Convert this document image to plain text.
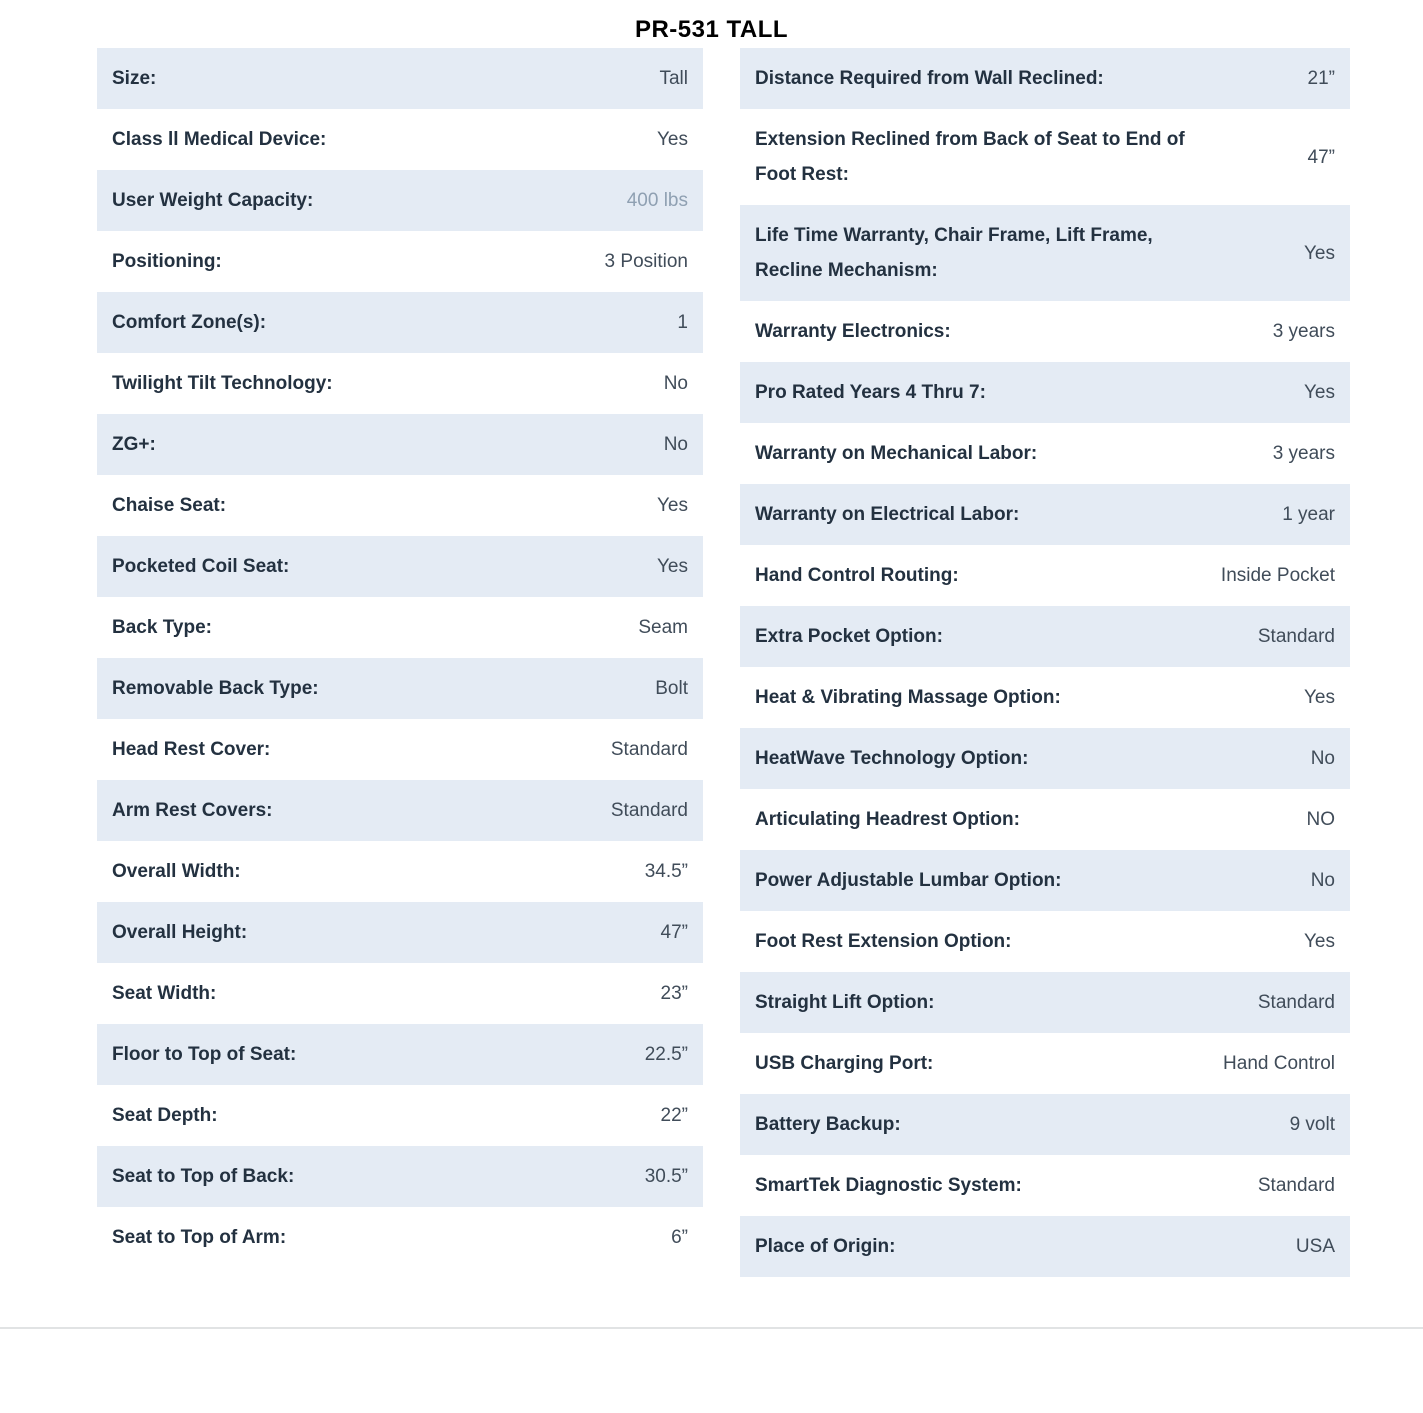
PR-531 TALL
Size:	Tall
Class ll Medical Device:	Yes
User Weight Capacity:	400 lbs
Positioning:	3 Position
Comfort Zone(s):	1
Twilight Tilt Technology:	No
ZG+:	No
Chaise Seat:	Yes
Pocketed Coil Seat:	Yes
Back Type:	Seam
Removable Back Type:	Bolt
Head Rest Cover:	Standard
Arm Rest Covers:	Standard
Overall Width:	34.5”
Overall Height:	47”
Seat Width:	23”
Floor to Top of Seat:	22.5”
Seat Depth:	22”
Seat to Top of Back:	30.5”
Seat to Top of Arm:	6”
Distance Required from Wall Reclined:	21”
Extension Reclined from Back of Seat to End of Foot Rest:
47”
Life Time Warranty, Chair Frame, Lift Frame, Recline Mechanism:
Yes
Warranty Electronics:	3 years
Pro Rated Years 4 Thru 7:	Yes
Warranty on Mechanical Labor:	3 years
Warranty on Electrical Labor:	1 year
Hand Control Routing:	Inside Pocket
Extra Pocket Option:	Standard
Heat & Vibrating Massage Option:	Yes
HeatWave Technology Option:	No
Articulating Headrest Option:	NO
Power Adjustable Lumbar Option:	No
Foot Rest Extension Option:	Yes
Straight Lift Option:	Standard
USB Charging Port:	Hand Control
Battery Backup:	9 volt
SmartTek Diagnostic System:	Standard
Place of Origin:	USA
